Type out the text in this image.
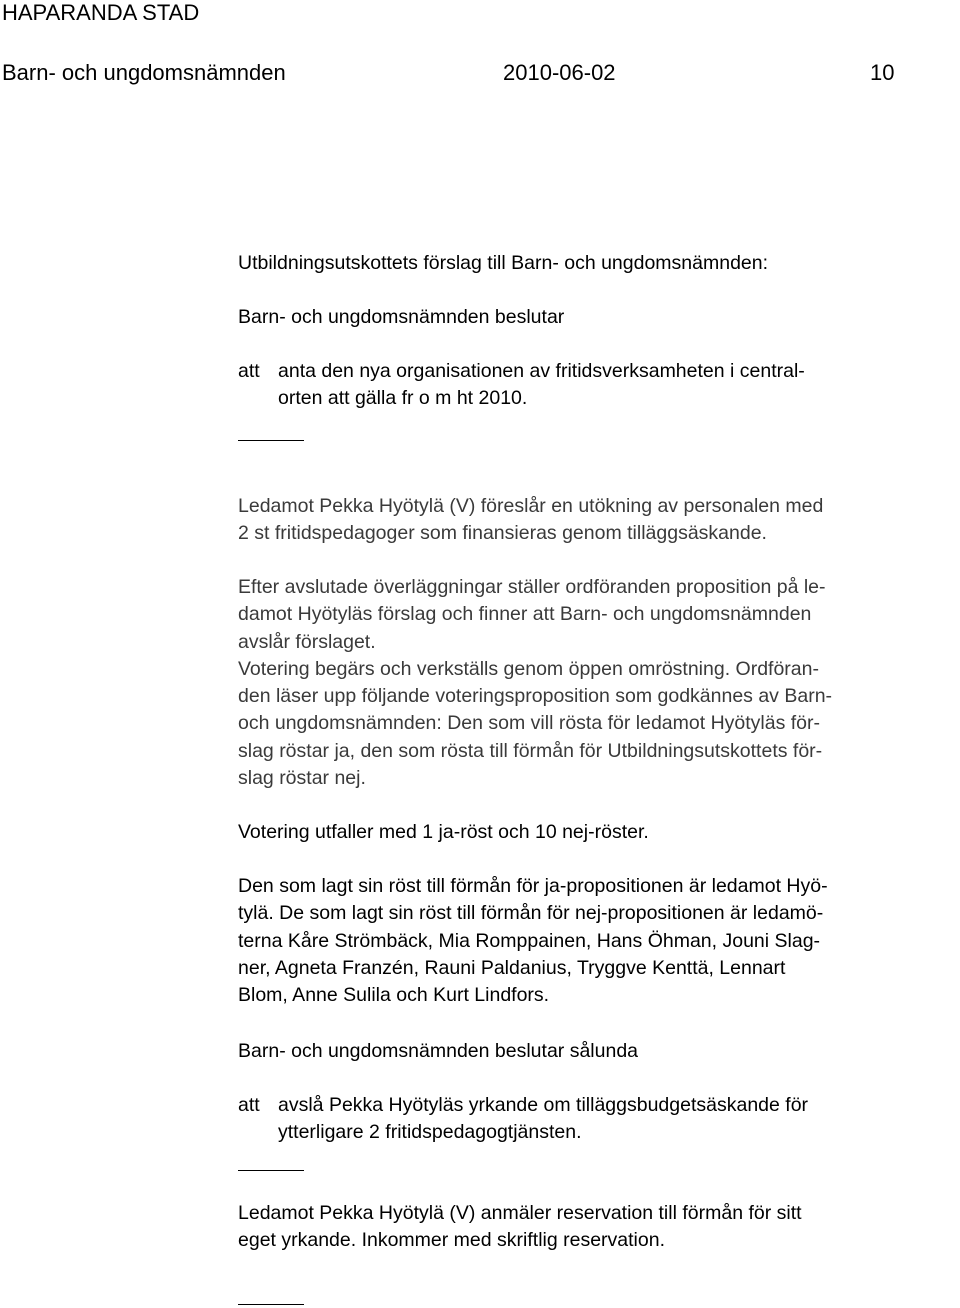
HAPARANDA STAD
Barn- och ungdomsnämnden	2010-06-02	10
Utbildningsutskottets förslag till Barn- och ungdomsnämnden:
Barn- och ungdomsnämnden beslutar
att anta den nya organisationen av fritidsverksamheten i central-
orten att gälla fr o m ht 2010.
Ledamot Pekka Hyötylä (V) föreslår en utökning av personalen med
2 st fritidspedagoger som finansieras genom tilläggsäskande.
Efter avslutade överläggningar ställer ordföranden proposition på le-
damot Hyötyläs förslag och finner att Barn- och ungdomsnämnden
avslår förslaget.
Votering begärs och verkställs genom öppen omröstning. Ordföran-
den läser upp följande voteringsproposition som godkännes av Barn-
och ungdomsnämnden: Den som vill rösta för ledamot Hyötyläs för-
slag röstar ja, den som rösta till förmån för Utbildningsutskottets för-
slag röstar nej.
Votering utfaller med 1 ja-röst och 10 nej-röster.
Den som lagt sin röst till förmån för ja-propositionen är ledamot Hyö-
tylä. De som lagt sin röst till förmån för nej-propositionen är ledamö-
terna Kåre Strömbäck, Mia Romppainen, Hans Öhman, Jouni Slag-
ner, Agneta Franzén, Rauni Paldanius, Tryggve Kenttä, Lennart
Blom, Anne Sulila och Kurt Lindfors.
Barn- och ungdomsnämnden beslutar sålunda
att avslå Pekka Hyötyläs yrkande om tilläggsbudgetsäskande för
ytterligare 2 fritidspedagogtjänsten.
Ledamot Pekka Hyötylä (V) anmäler reservation till förmån för sitt
eget yrkande. Inkommer med skriftlig reservation.
